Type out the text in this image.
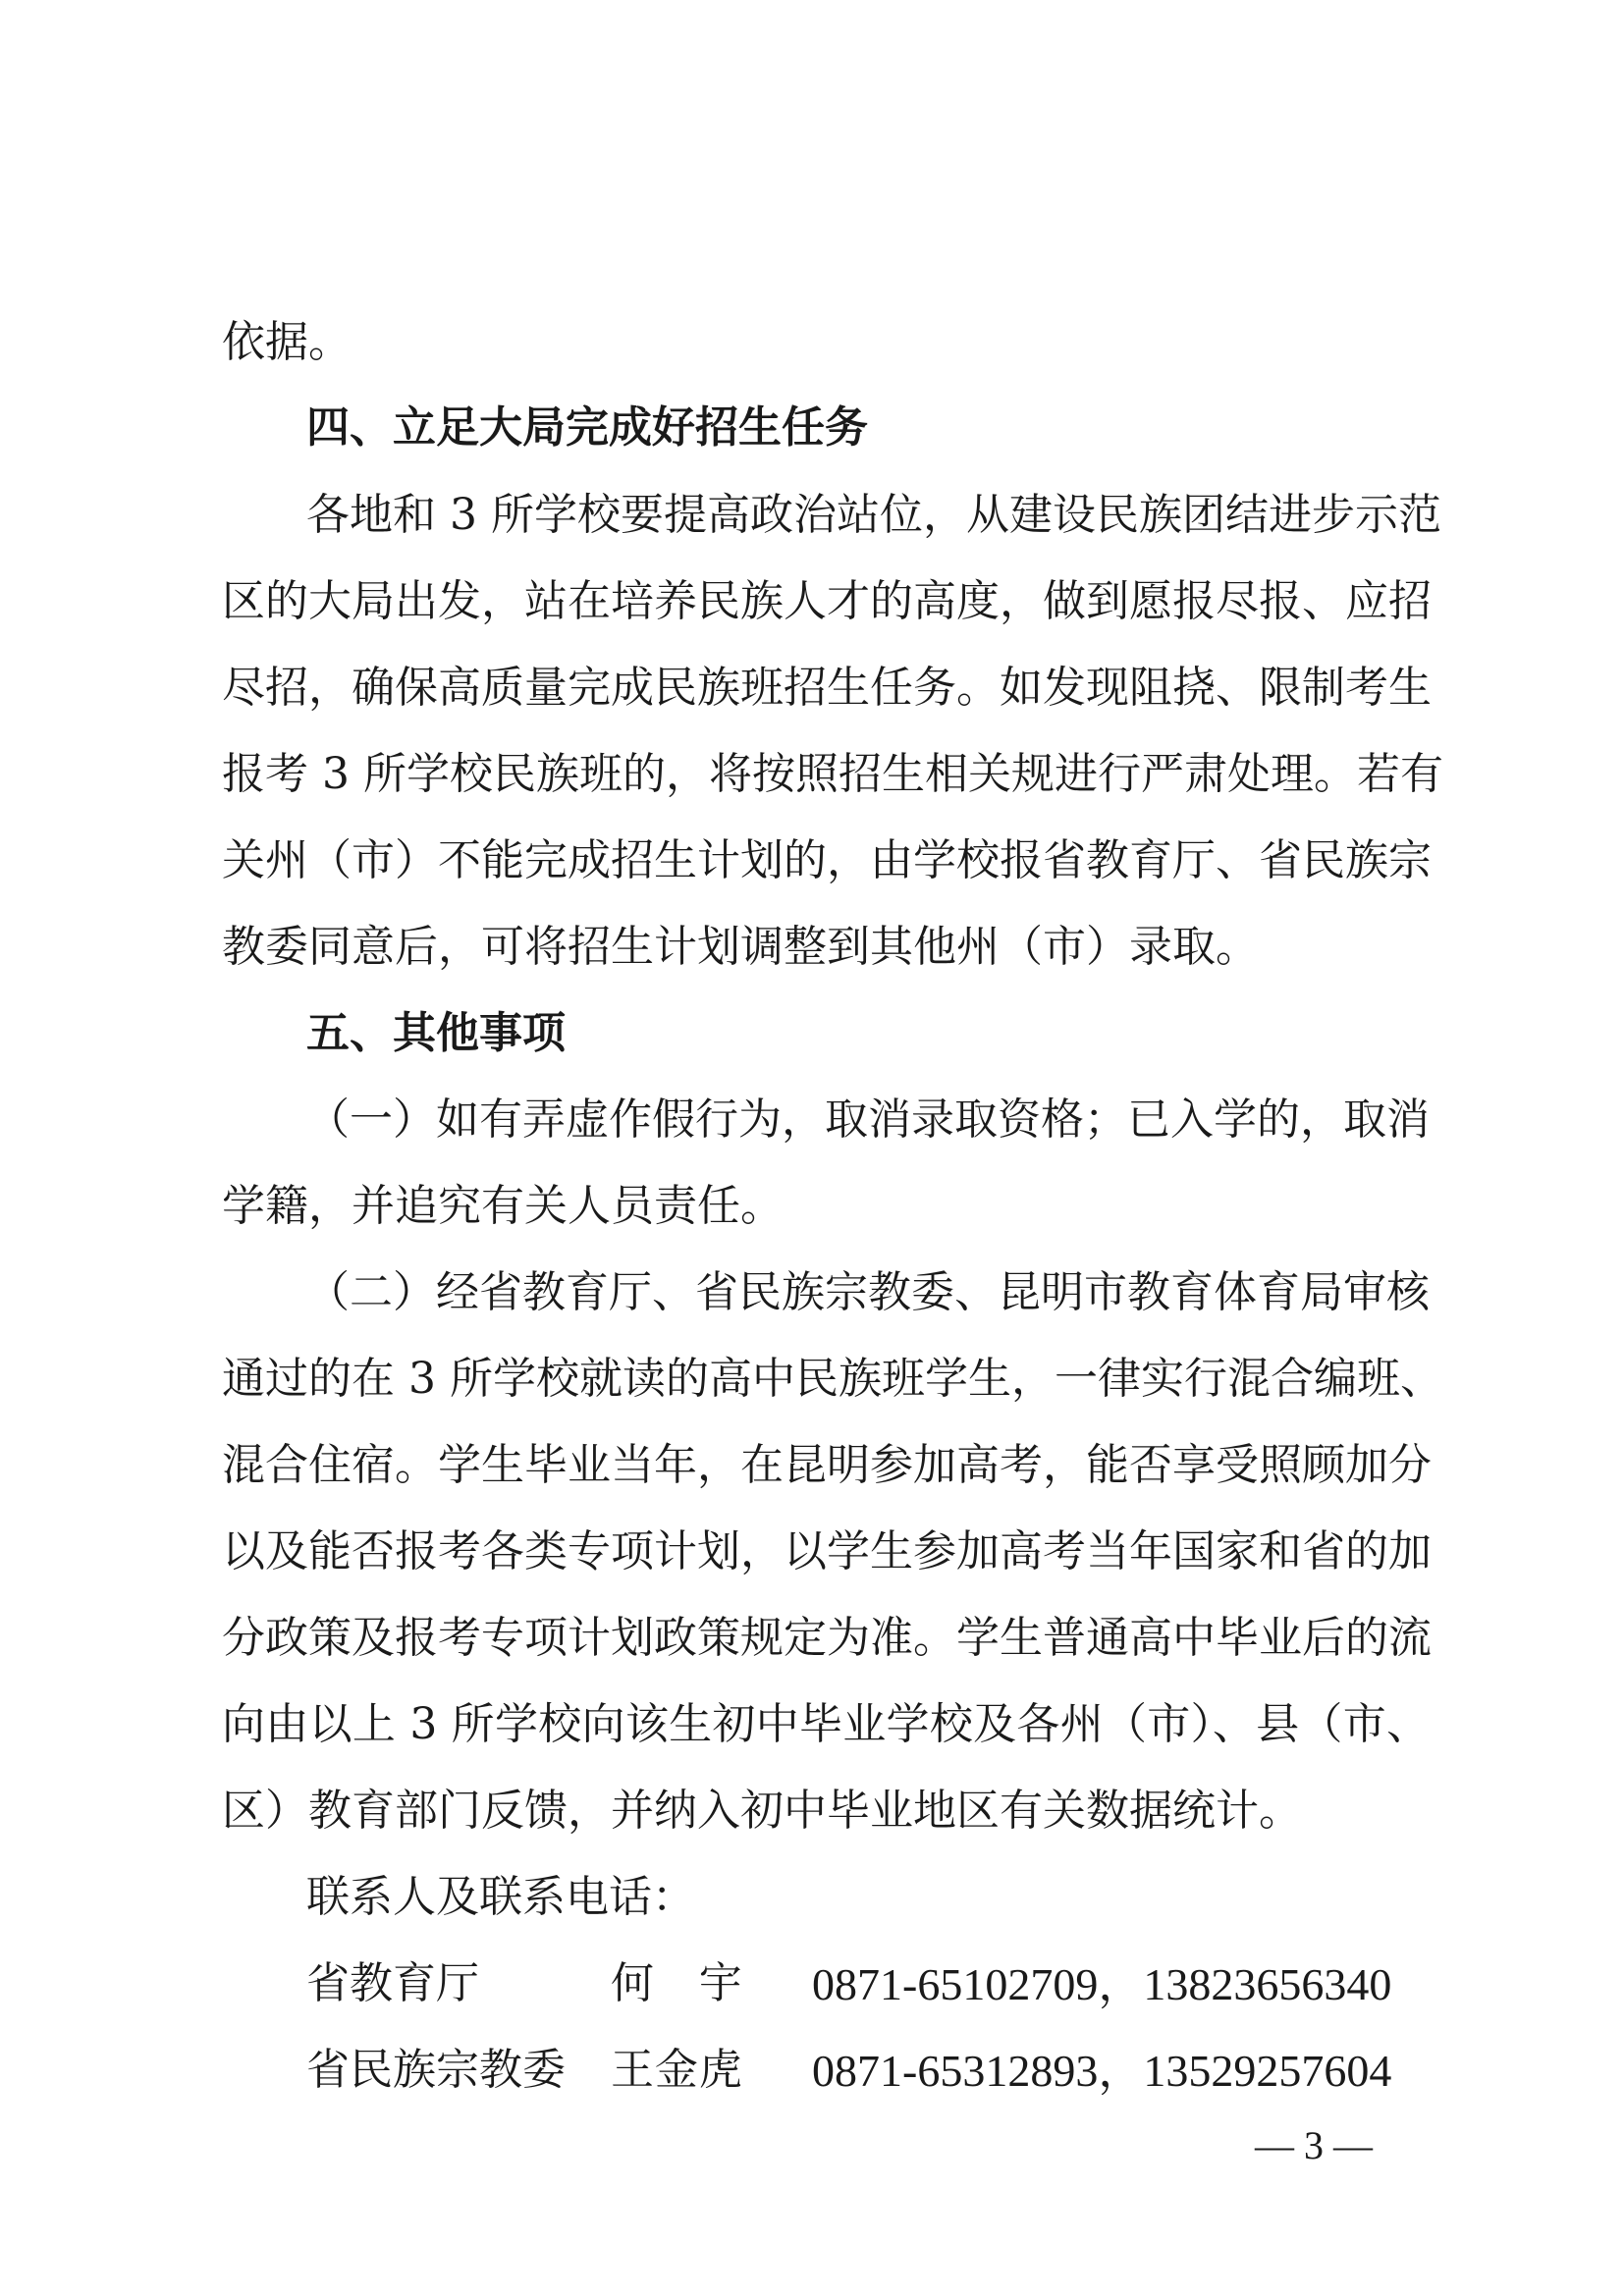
依据。
四、立足大局完成好招生任务
各地和 3 所学校要提高政治站位，从建设民族团结进步示范
区的大局出发，站在培养民族人才的高度，做到愿报尽报、应招
尽招，确保高质量完成民族班招生任务。如发现阻挠、限制考生
报考 3 所学校民族班的，将按照招生相关规进行严肃处理。若有
关州（市）不能完成招生计划的，由学校报省教育厅、省民族宗
教委同意后，可将招生计划调整到其他州（市）录取。
五、其他事项
（一）如有弄虚作假行为，取消录取资格；已入学的，取消
学籍，并追究有关人员责任。
（二）经省教育厅、省民族宗教委、昆明市教育体育局审核
通过的在 3 所学校就读的高中民族班学生，一律实行混合编班、
混合住宿。学生毕业当年，在昆明参加高考，能否享受照顾加分
以及能否报考各类专项计划，以学生参加高考当年国家和省的加
分政策及报考专项计划政策规定为准。学生普通高中毕业后的流
向由以上 3 所学校向该生初中毕业学校及各州（市）、县（市、
区）教育部门反馈，并纳入初中毕业地区有关数据统计。
联系人及联系电话：
省教育厅	何　宇 0871-65102709，13823656340
省民族宗教委 王金虎 0871-65312893，13529257604
— 3 —
